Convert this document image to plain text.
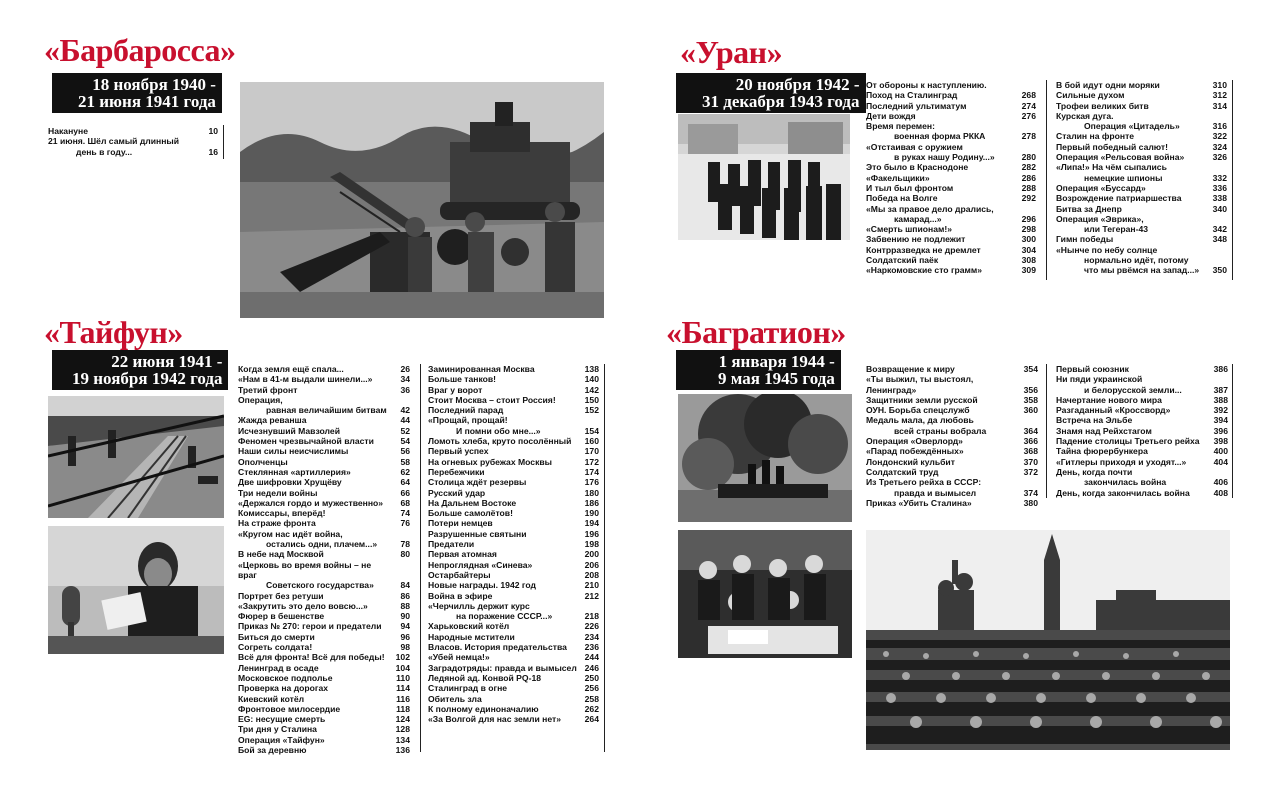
«Барбаросса»
18 ноября 1940 -
21 июня 1941 года
Накануне	10
21 июня. Шёл самый длинный
день в году...	16
«Уран»
20 ноября 1942 -
31 декабря 1943 года
От обороны к наступлению.
Поход на Сталинград	268
Последний ультиматум	274
Дети вождя	276
Время перемен:
военная форма РККА	278
«Отстаивая с оружием
в руках нашу Родину...»	280
Это было в Краснодоне	282
«Факельщики»	286
И тыл был фронтом	288
Победа на Волге	292
«Мы за правое дело дрались,
камарад...»	296
«Смерть шпионам!»	298
Забвению не подлежит	300
Контрразведка не дремлет	304
Солдатский паёк	308
«Наркомовские сто грамм»	309
В бой идут одни моряки	310
Сильные духом	312
Трофеи великих битв	314
Курская дуга.
Операция «Цитадель»	316
Сталин на фронте	322
Первый победный салют!	324
Операция «Рельсовая война»	326
«Липа!» На чём сыпались
немецкие шпионы	332
Операция «Буссард»	336
Возрождение патриаршества	338
Битва за Днепр	340
Операция «Эврика»,
или Тегеран-43	342
Гимн победы	348
«Нынче по небу солнце
нормально идёт, потому
что мы рвёмся на запад...»	350
«Тайфун»
22 июня 1941 -
19 ноября 1942 года Когда земля ещё спала...	26
«Нам в 41-м выдали шинели...»	34
Третий фронт	36
Операция,
равная величайшим битвам 42
Жажда реванша	44
Исчезнувший Мавзолей	52
Феномен чрезвычайной власти	54
Наши силы неисчислимы	56
Ополченцы	58
Стеклянная «артиллерия»	62
Две шифровки Хрущёву	64
Три недели войны	66
«Держался гордо и мужественно»	68
Комиссары, вперёд!	74
На страже фронта	76
«Кругом нас идёт война,
остались одни, плачем...»	78
В небе над Москвой	80
«Церковь во время войны – не враг
Советского государства»	84
Портрет без ретуши	86
«Закрутить это дело вовсю...»	88
Фюрер в бешенстве	90
Приказ № 270: герои и предатели	94
Биться до смерти	96
Согреть солдата!	98
Всё для фронта! Всё для победы!	102
Ленинград в осаде	104
Московское подполье	110
Проверка на дорогах	114
Киевский котёл	116
Фронтовое милосердие	118
EG: несущие смерть	124
Три дня у Сталина	128
Операция «Тайфун»	134
Бой за деревню	136
Заминированная Москва	138
Больше танков!	140
Враг у ворот	142
Стоит Москва – стоит Россия!	150
Последний парад	152
«Прощай, прощай!
И помни обо мне...»	154
Ломоть хлеба, круто посолённый	160
Первый успех	170
На огневых рубежах Москвы	172
Перебежчики	174
Столица ждёт резервы	176
Русский удар	180
На Дальнем Востоке	186
Больше самолётов!	190
Потери немцев	194
Разрушенные святыни	196
Предатели	198
Первая атомная	200
Непроглядная «Синева»	206
Остарбайтеры	208
Новые награды. 1942 год	210
Война в эфире	212
«Черчилль держит курс
на поражение СССР...»	218
Харьковский котёл	226
Народные мстители	234
Власов. История предательства	236
«Убей немца!»	244
Заградотряды: правда и вымысел 246
Ледяной ад. Конвой PQ-18	250
Сталинград в огне	256
Обитель зла	258
К полному единоначалию	262
«За Волгой для нас земли нет»	264
«Багратион»
1 января 1944 -
9 мая 1945 года	Возвращение к миру	354
«Ты выжил, ты выстоял, Ленинград»	356
Защитники земли русской	358
ОУН. Борьба спецслужб	360
Медаль мала, да любовь
всей страны вобрала	364
Операция «Оверлорд»	366
«Парад побеждённых»	368
Лондонский кульбит	370
Солдатский труд	372
Из Третьего рейха в СССР:
правда и вымысел	374
Приказ «Убить Сталина»	380
Первый союзник	386
Ни пяди украинской
и белорусской земли...	387
Начертание нового мира	388
Разгаданный «Кроссворд»	392
Встреча на Эльбе	394
Знамя над Рейхстагом	396
Падение столицы Третьего рейха	398
Тайна фюрербункера	400
«Гитлеры приходя и уходят...»	404
День, когда почти
закончилась война	406
День, когда закончилась война	408
